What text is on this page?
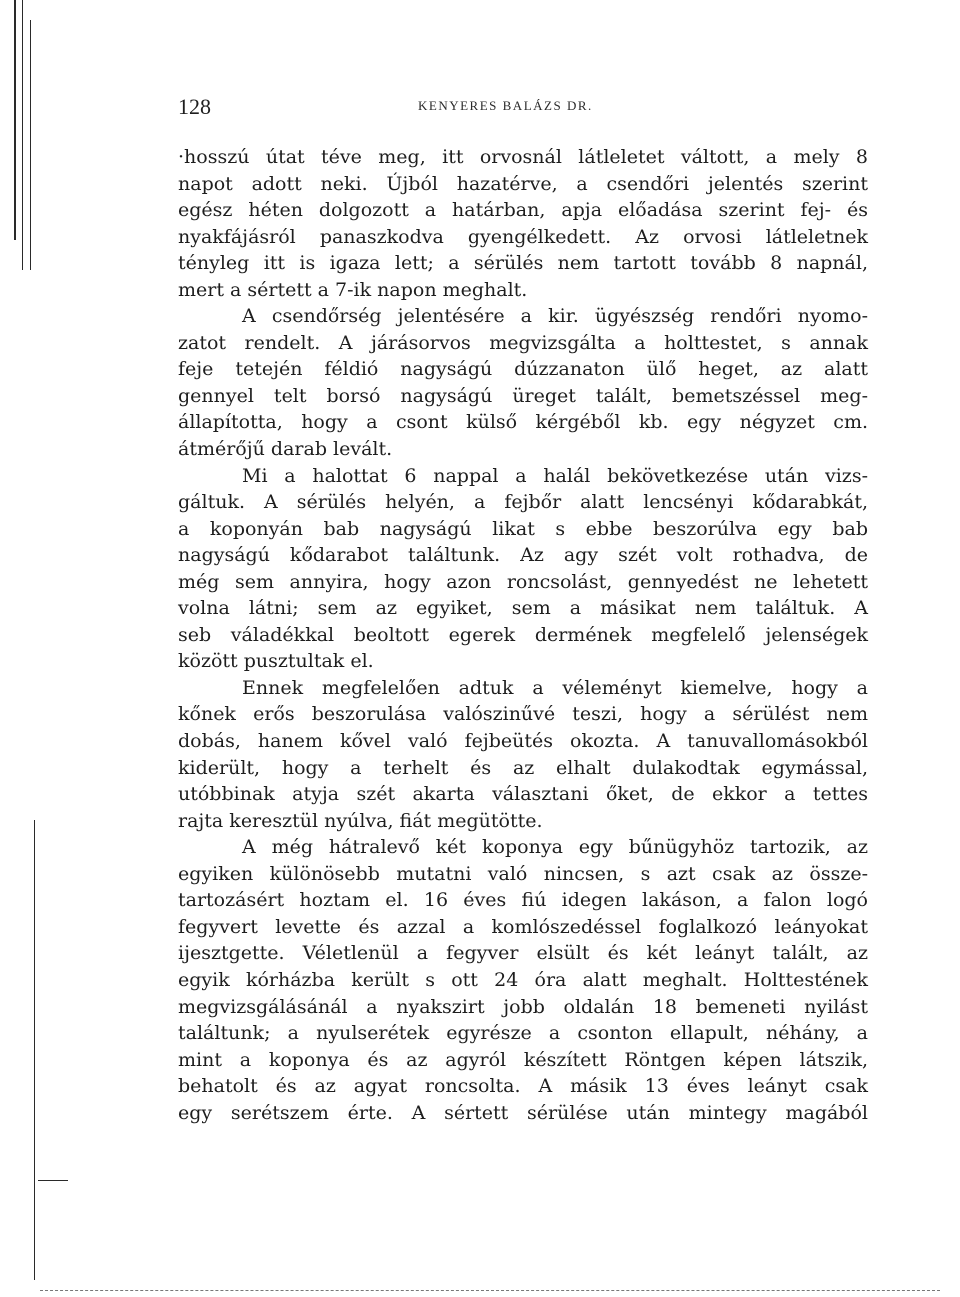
128	KENYERES BALÁZS DR.
·hosszú útat téve meg, itt orvosnál látleletet váltott, a mely 8
napot adott neki. Újból hazatérve, a csendőri jelentés szerint
egész héten dolgozott a határban, apja előadása szerint fej- és
nyakfájásról panaszkodva gyengélkedett. Az orvosi látleletnek
tényleg itt is igaza lett; a sérülés nem tartott tovább 8 napnál,
mert a sértett a 7-ik napon meghalt.
A csendőrség jelentésére a kir. ügyészség rendőri nyomo-
zatot rendelt. A járásorvos megvizsgálta a holttestet, s annak
feje tetején féldió nagyságú dúzzanaton ülő heget, az alatt
gennyel telt borsó nagyságú üreget talált, bemetszéssel meg-
állapította, hogy a csont külső kérgéből kb. egy négyzet cm.
átmérőjű darab levált.
Mi a halottat 6 nappal a halál bekövetkezése után vizs-
gáltuk. A sérülés helyén, a fejbőr alatt lencsényi kődarabkát,
a koponyán bab nagyságú likat s ebbe beszorúlva egy bab
nagyságú kődarabot találtunk. Az agy szét volt rothadva, de
még sem annyira, hogy azon roncsolást, gennyedést ne lehetett
volna látni; sem az egyiket, sem a másikat nem találtuk. A
seb váladékkal beoltott egerek dermének megfelelő jelenségek
között pusztultak el.
Ennek megfelelően adtuk a véleményt kiemelve, hogy a
kőnek erős beszorulása valószinűvé teszi, hogy a sérülést nem
dobás, hanem kővel való fejbeütés okozta. A tanuvallomásokból
kiderült, hogy a terhelt és az elhalt dulakodtak egymással,
utóbbinak atyja szét akarta választani őket, de ekkor a tettes
rajta keresztül nyúlva, fiát megütötte.
A még hátralevő két koponya egy bűnügyhöz tartozik, az
egyiken különösebb mutatni való nincsen, s azt csak az össze-
tartozásért hoztam el. 16 éves fiú idegen lakáson, a falon logó
fegyvert levette és azzal a komlószedéssel foglalkozó leányokat
ijesztgette. Véletlenül a fegyver elsült és két leányt talált, az
egyik kórházba került s ott 24 óra alatt meghalt. Holttestének
megvizsgálásánál a nyakszirt jobb oldalán 18 bemeneti nyilást
találtunk; a nyulserétek egyrésze a csonton ellapult, néhány, a
mint a koponya és az agyról készített Röntgen képen látszik,
behatolt és az agyat roncsolta. A másik 13 éves leányt csak
egy serétszem érte. A sértett sérülése után mintegy magából
